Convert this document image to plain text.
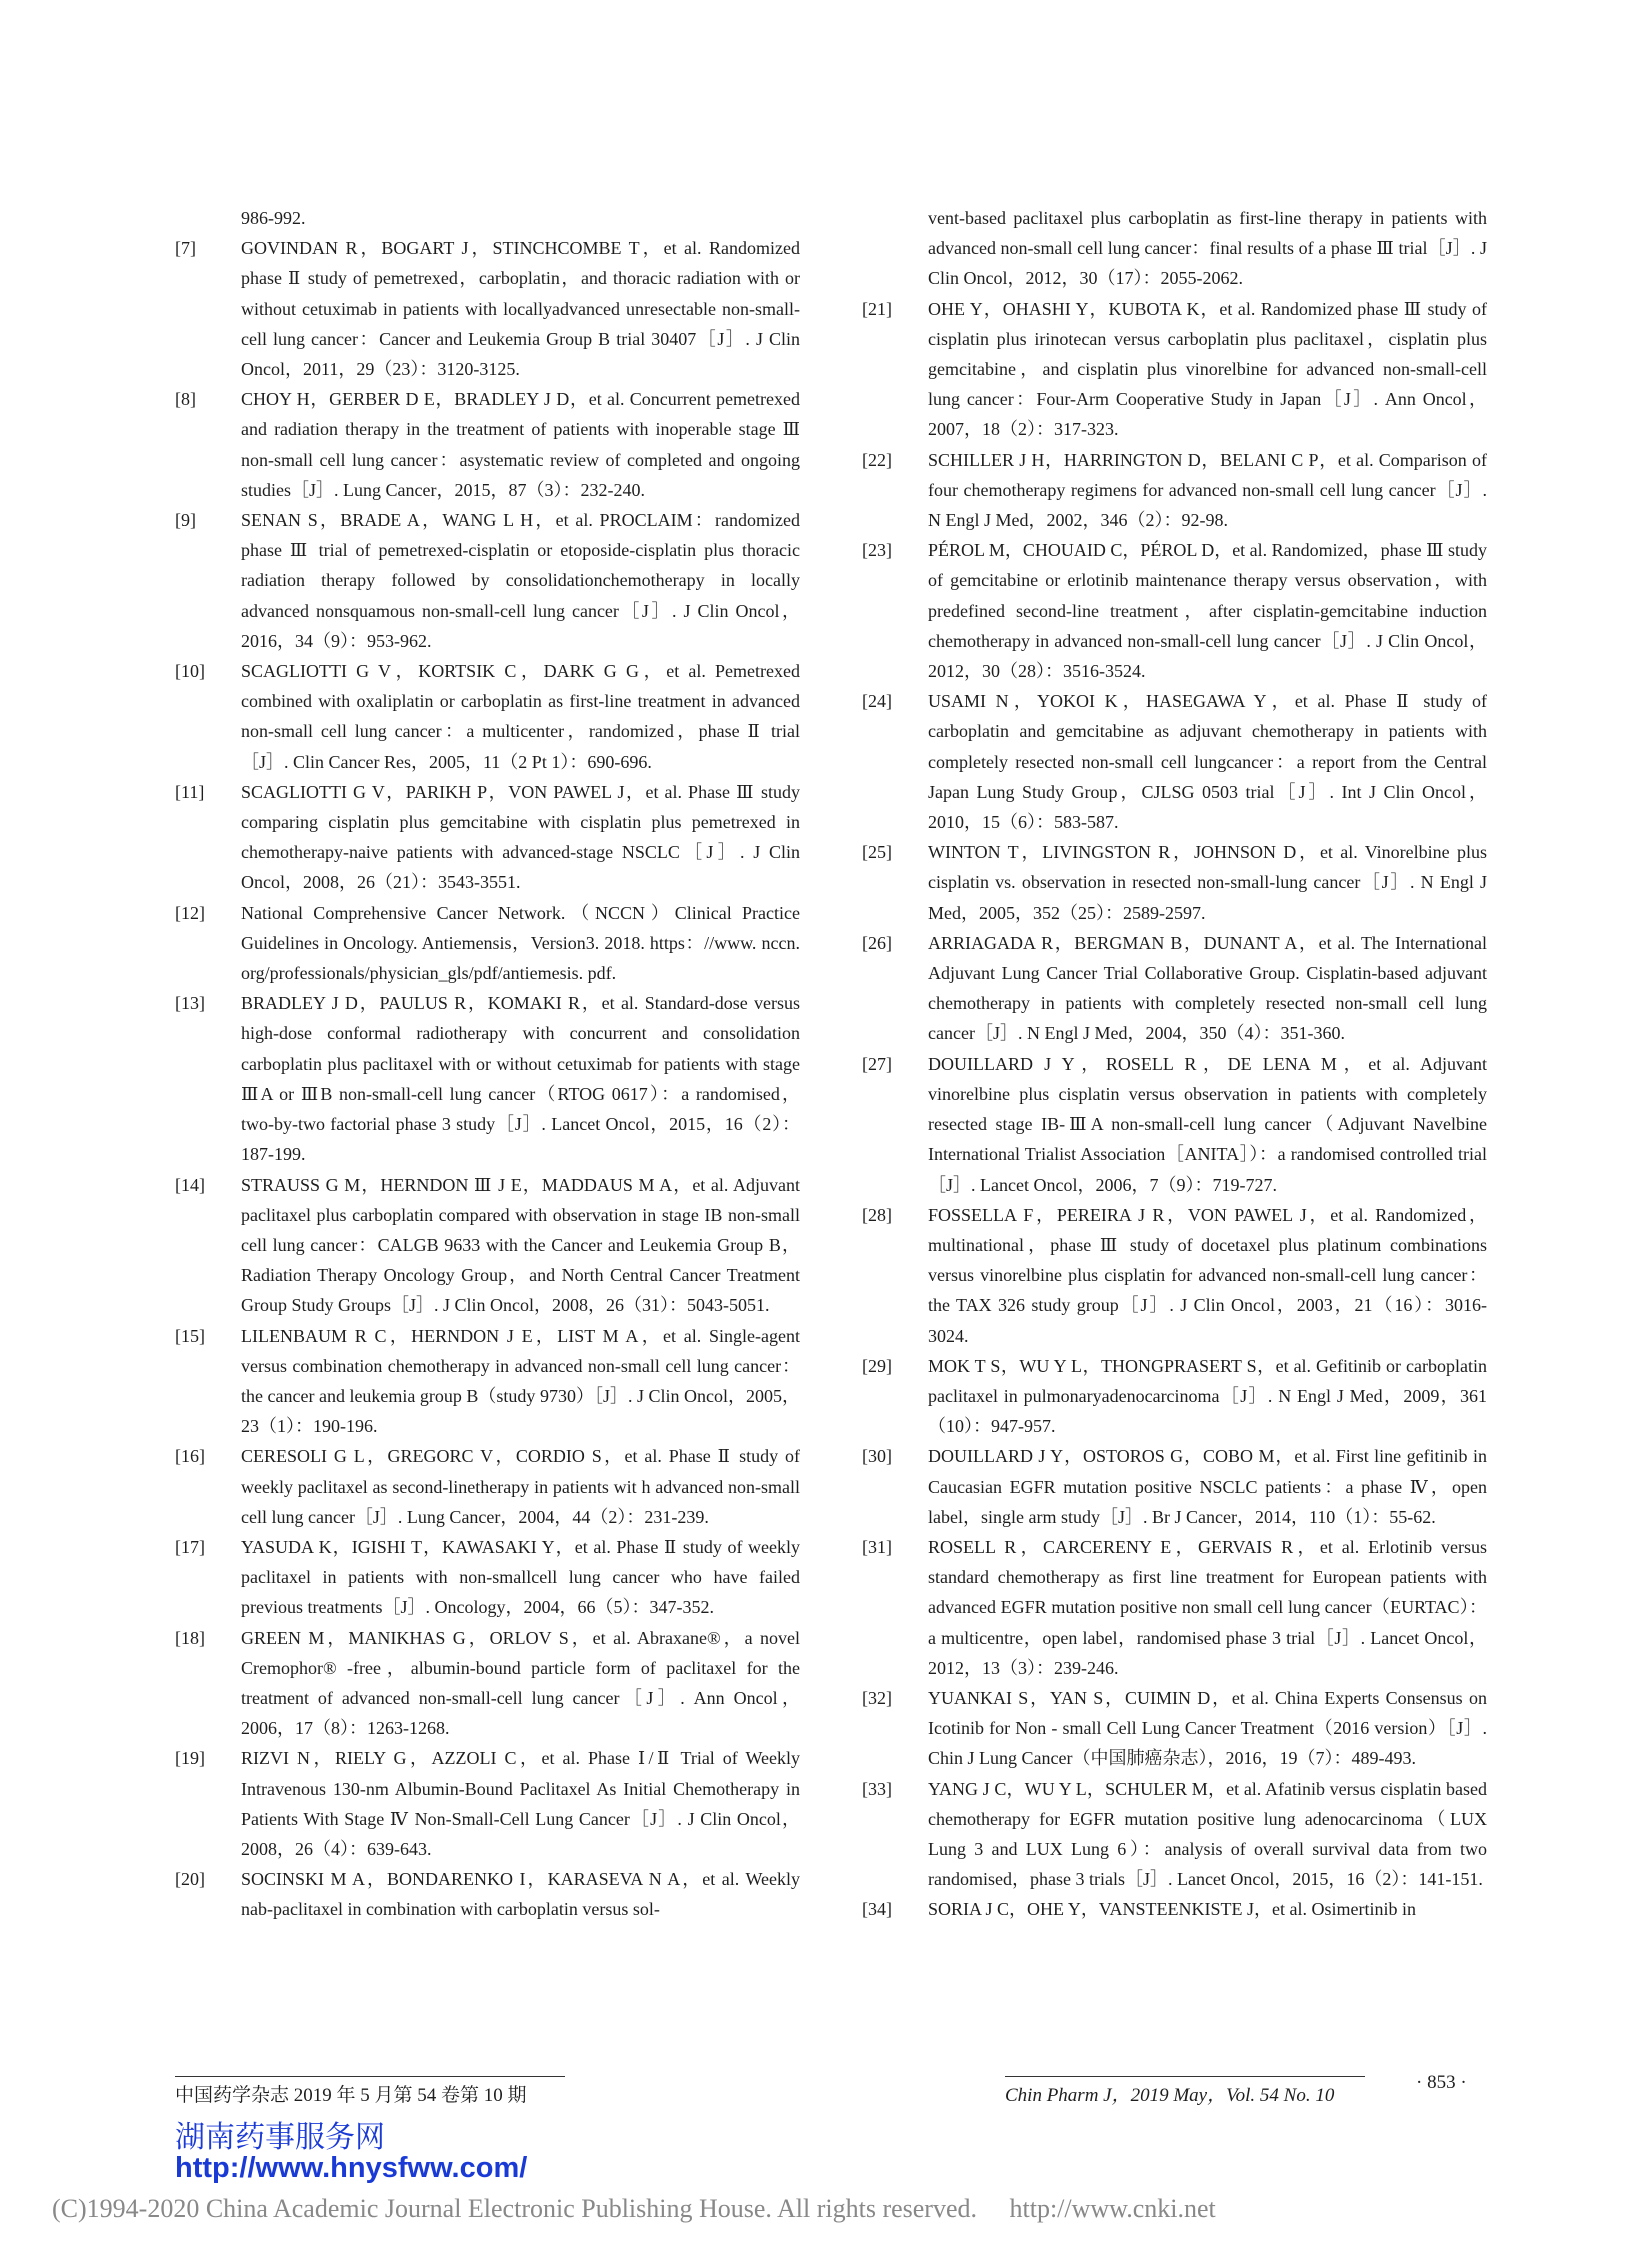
986-992.

[7]	GOVINDAN R，BOGART J，STINCHCOMBE T，et al. Randomized phase Ⅱ study of pemetrexed，carboplatin，and thoracic radiation with or without cetuximab in patients with locallyadvanced unresectable non-small-cell lung cancer：Cancer and Leukemia Group B trial 30407［J］. J Clin Oncol，2011，29（23）：3120-3125.

[8]	CHOY H，GERBER D E，BRADLEY J D，et al. Concurrent pemetrexed and radiation therapy in the treatment of patients with inoperable stage Ⅲ non-small cell lung cancer：asystematic review of completed and ongoing studies［J］. Lung Cancer，2015，87（3）：232-240.

[9]	SENAN S，BRADE A，WANG L H，et al. PROCLAIM：randomized phase Ⅲ trial of pemetrexed-cisplatin or etoposide-cisplatin plus thoracic radiation therapy followed by consolidationchemotherapy in locally advanced nonsquamous non-small-cell lung cancer［J］. J Clin Oncol，2016，34（9）：953-962.

[10]	SCAGLIOTTI G V，KORTSIK C，DARK G G，et al. Pemetrexed combined with oxaliplatin or carboplatin as first-line treatment in advanced non-small cell lung cancer：a multicenter，randomized，phase Ⅱ trial［J］. Clin Cancer Res，2005，11（2 Pt 1）：690-696.

[11]	SCAGLIOTTI G V，PARIKH P，VON PAWEL J，et al. Phase Ⅲ study comparing cisplatin plus gemcitabine with cisplatin plus pemetrexed in chemotherapy-naive patients with advanced-stage NSCLC［J］. J Clin Oncol，2008，26（21）：3543-3551.

[12]	National Comprehensive Cancer Network.（NCCN）Clinical Practice Guidelines in Oncology. Antiemensis，Version3. 2018. https：//www. nccn. org/professionals/physician_gls/pdf/antiemesis. pdf.

[13]	BRADLEY J D，PAULUS R，KOMAKI R，et al. Standard-dose versus high-dose conformal radiotherapy with concurrent and consolidation carboplatin plus paclitaxel with or without cetuximab for patients with stage ⅢA or ⅢB non-small-cell lung cancer（RTOG 0617）：a randomised，two-by-two factorial phase 3 study［J］. Lancet Oncol，2015，16（2）：187-199.

[14]	STRAUSS G M，HERNDON Ⅲ J E，MADDAUS M A，et al. Adjuvant paclitaxel plus carboplatin compared with observation in stage IB non-small cell lung cancer：CALGB 9633 with the Cancer and Leukemia Group B，Radiation Therapy Oncology Group，and North Central Cancer Treatment Group Study Groups［J］. J Clin Oncol，2008，26（31）：5043-5051.

[15]	LILENBAUM R C，HERNDON J E，LIST M A，et al. Single-agent versus combination chemotherapy in advanced non-small cell lung cancer：the cancer and leukemia group B（study 9730）［J］. J Clin Oncol，2005，23（1）：190-196.

[16]	CERESOLI G L，GREGORC V，CORDIO S，et al. Phase Ⅱ study of weekly paclitaxel as second-linetherapy in patients wit h advanced non-small cell lung cancer［J］. Lung Cancer，2004，44（2）：231-239.

[17]	YASUDA K，IGISHI T，KAWASAKI Y，et al. Phase Ⅱ study of weekly paclitaxel in patients with non-smallcell lung cancer who have failed previous treatments［J］. Oncology，2004，66（5）：347-352.

[18]	GREEN M，MANIKHAS G，ORLOV S，et al. Abraxane®，a novel Cremophor® -free，albumin-bound particle form of paclitaxel for the treatment of advanced non-small-cell lung cancer［J］. Ann Oncol，2006，17（8）：1263-1268.

[19]	RIZVI N，RIELY G，AZZOLI C，et al. Phase Ⅰ/Ⅱ Trial of Weekly Intravenous 130-nm Albumin-Bound Paclitaxel As Initial Chemotherapy in Patients With Stage Ⅳ Non-Small-Cell Lung Cancer［J］. J Clin Oncol，2008，26（4）：639-643.

[20]	SOCINSKI M A，BONDARENKO I，KARASEVA N A，et al. Weekly nab-paclitaxel in combination with carboplatin versus sol-

vent-based paclitaxel plus carboplatin as first-line therapy in patients with advanced non-small cell lung cancer：final results of a phase Ⅲ trial［J］. J Clin Oncol，2012，30（17）：2055-2062.

[21]	OHE Y，OHASHI Y，KUBOTA K，et al. Randomized phase Ⅲ study of cisplatin plus irinotecan versus carboplatin plus paclitaxel，cisplatin plus gemcitabine，and cisplatin plus vinorelbine for advanced non-small-cell lung cancer：Four-Arm Cooperative Study in Japan［J］. Ann Oncol，2007，18（2）：317-323.

[22]	SCHILLER J H，HARRINGTON D，BELANI C P，et al. Comparison of four chemotherapy regimens for advanced non-small cell lung cancer［J］. N Engl J Med，2002，346（2）：92-98.

[23]	PÉROL M，CHOUAID C，PÉROL D，et al. Randomized，phase Ⅲ study of gemcitabine or erlotinib maintenance therapy versus observation，with predefined second-line treatment，after cisplatin-gemcitabine induction chemotherapy in advanced non-small-cell lung cancer［J］. J Clin Oncol，2012，30（28）：3516-3524.

[24]	USAMI N，YOKOI K，HASEGAWA Y，et al. Phase Ⅱ study of carboplatin and gemcitabine as adjuvant chemotherapy in patients with completely resected non-small cell lungcancer：a report from the Central Japan Lung Study Group，CJLSG 0503 trial［J］. Int J Clin Oncol，2010，15（6）：583-587.

[25]	WINTON T，LIVINGSTON R，JOHNSON D，et al. Vinorelbine plus cisplatin vs. observation in resected non-small-lung cancer［J］. N Engl J Med，2005，352（25）：2589-2597.

[26]	ARRIAGADA R，BERGMAN B，DUNANT A，et al. The International Adjuvant Lung Cancer Trial Collaborative Group. Cisplatin-based adjuvant chemotherapy in patients with completely resected non-small cell lung cancer［J］. N Engl J Med，2004，350（4）：351-360.

[27]	DOUILLARD J Y，ROSELL R，DE LENA M，et al. Adjuvant vinorelbine plus cisplatin versus observation in patients with completely resected stage IB-ⅢA non-small-cell lung cancer（Adjuvant Navelbine International Trialist Association［ANITA］）：a randomised controlled trial［J］. Lancet Oncol，2006，7（9）：719-727.

[28]	FOSSELLA F，PEREIRA J R，VON PAWEL J，et al. Randomized，multinational，phase Ⅲ study of docetaxel plus platinum combinations versus vinorelbine plus cisplatin for advanced non-small-cell lung cancer：the TAX 326 study group［J］. J Clin Oncol，2003，21（16）：3016-3024.

[29]	MOK T S，WU Y L，THONGPRASERT S，et al. Gefitinib or carboplatin paclitaxel in pulmonaryadenocarcinoma［J］. N Engl J Med，2009，361（10）：947-957.

[30]	DOUILLARD J Y，OSTOROS G，COBO M，et al. First line gefitinib in Caucasian EGFR mutation positive NSCLC patients：a phase Ⅳ，open label，single arm study［J］. Br J Cancer，2014，110（1）：55-62.

[31]	ROSELL R，CARCERENY E，GERVAIS R，et al. Erlotinib versus standard chemotherapy as first line treatment for European patients with advanced EGFR mutation positive non small cell lung cancer（EURTAC）：a multicentre，open label，randomised phase 3 trial［J］. Lancet Oncol，2012，13（3）：239-246.

[32]	YUANKAI S，YAN S，CUIMIN D，et al. China Experts Consensus on Icotinib for Non - small Cell Lung Cancer Treatment（2016 version）［J］. Chin J Lung Cancer（中国肺癌杂志），2016，19（7）：489-493.

[33]	YANG J C，WU Y L，SCHULER M，et al. Afatinib versus cisplatin based chemotherapy for EGFR mutation positive lung adenocarcinoma（LUX Lung 3 and LUX Lung 6）：analysis of overall survival data from two randomised，phase 3 trials［J］. Lancet Oncol，2015，16（2）：141-151.

[34]	SORIA J C，OHE Y，VANSTEENKISTE J，et al. Osimertinib in

中国药学杂志 2019 年 5 月第 54 卷第 10 期	Chin Pharm J，2019 May，Vol. 54 No. 10
· 853 ·
湖南药事服务网
http://www.hnysfww.com/
(C)1994-2020 China Academic Journal Electronic Publishing House. All rights reserved.　 http://www.cnki.net
